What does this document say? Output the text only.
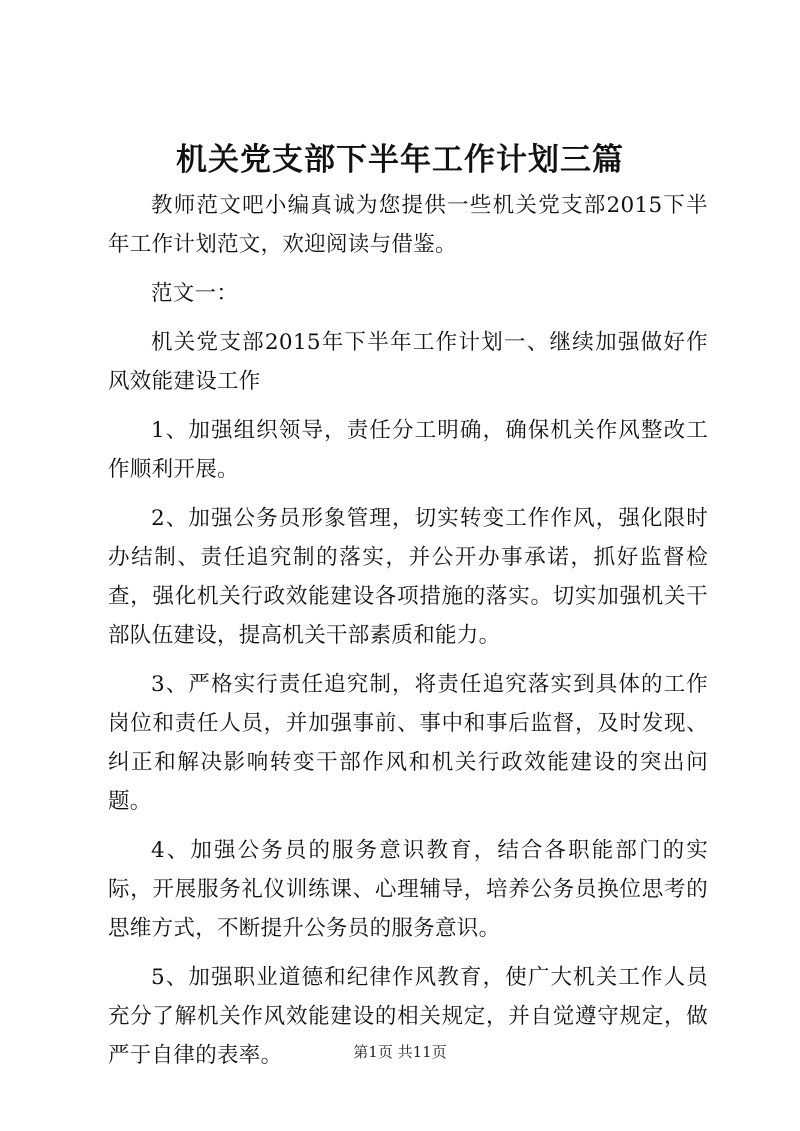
机关党支部下半年工作计划三篇

教师范文吧小编真诚为您提供一些机关党支部2015下半年工作计划范文，欢迎阅读与借鉴。

范文一：

机关党支部2015年下半年工作计划一、继续加强做好作风效能建设工作

1、加强组织领导，责任分工明确，确保机关作风整改工作顺利开展。

2、加强公务员形象管理，切实转变工作作风，强化限时办结制、责任追究制的落实，并公开办事承诺，抓好监督检查，强化机关行政效能建设各项措施的落实。切实加强机关干部队伍建设，提高机关干部素质和能力。

3、严格实行责任追究制，将责任追究落实到具体的工作岗位和责任人员，并加强事前、事中和事后监督，及时发现、纠正和解决影响转变干部作风和机关行政效能建设的突出问题。

4、加强公务员的服务意识教育，结合各职能部门的实际，开展服务礼仪训练课、心理辅导，培养公务员换位思考的思维方式，不断提升公务员的服务意识。

5、加强职业道德和纪律作风教育，使广大机关工作人员充分了解机关作风效能建设的相关规定，并自觉遵守规定，做严于自律的表率。	第1页 共11页
